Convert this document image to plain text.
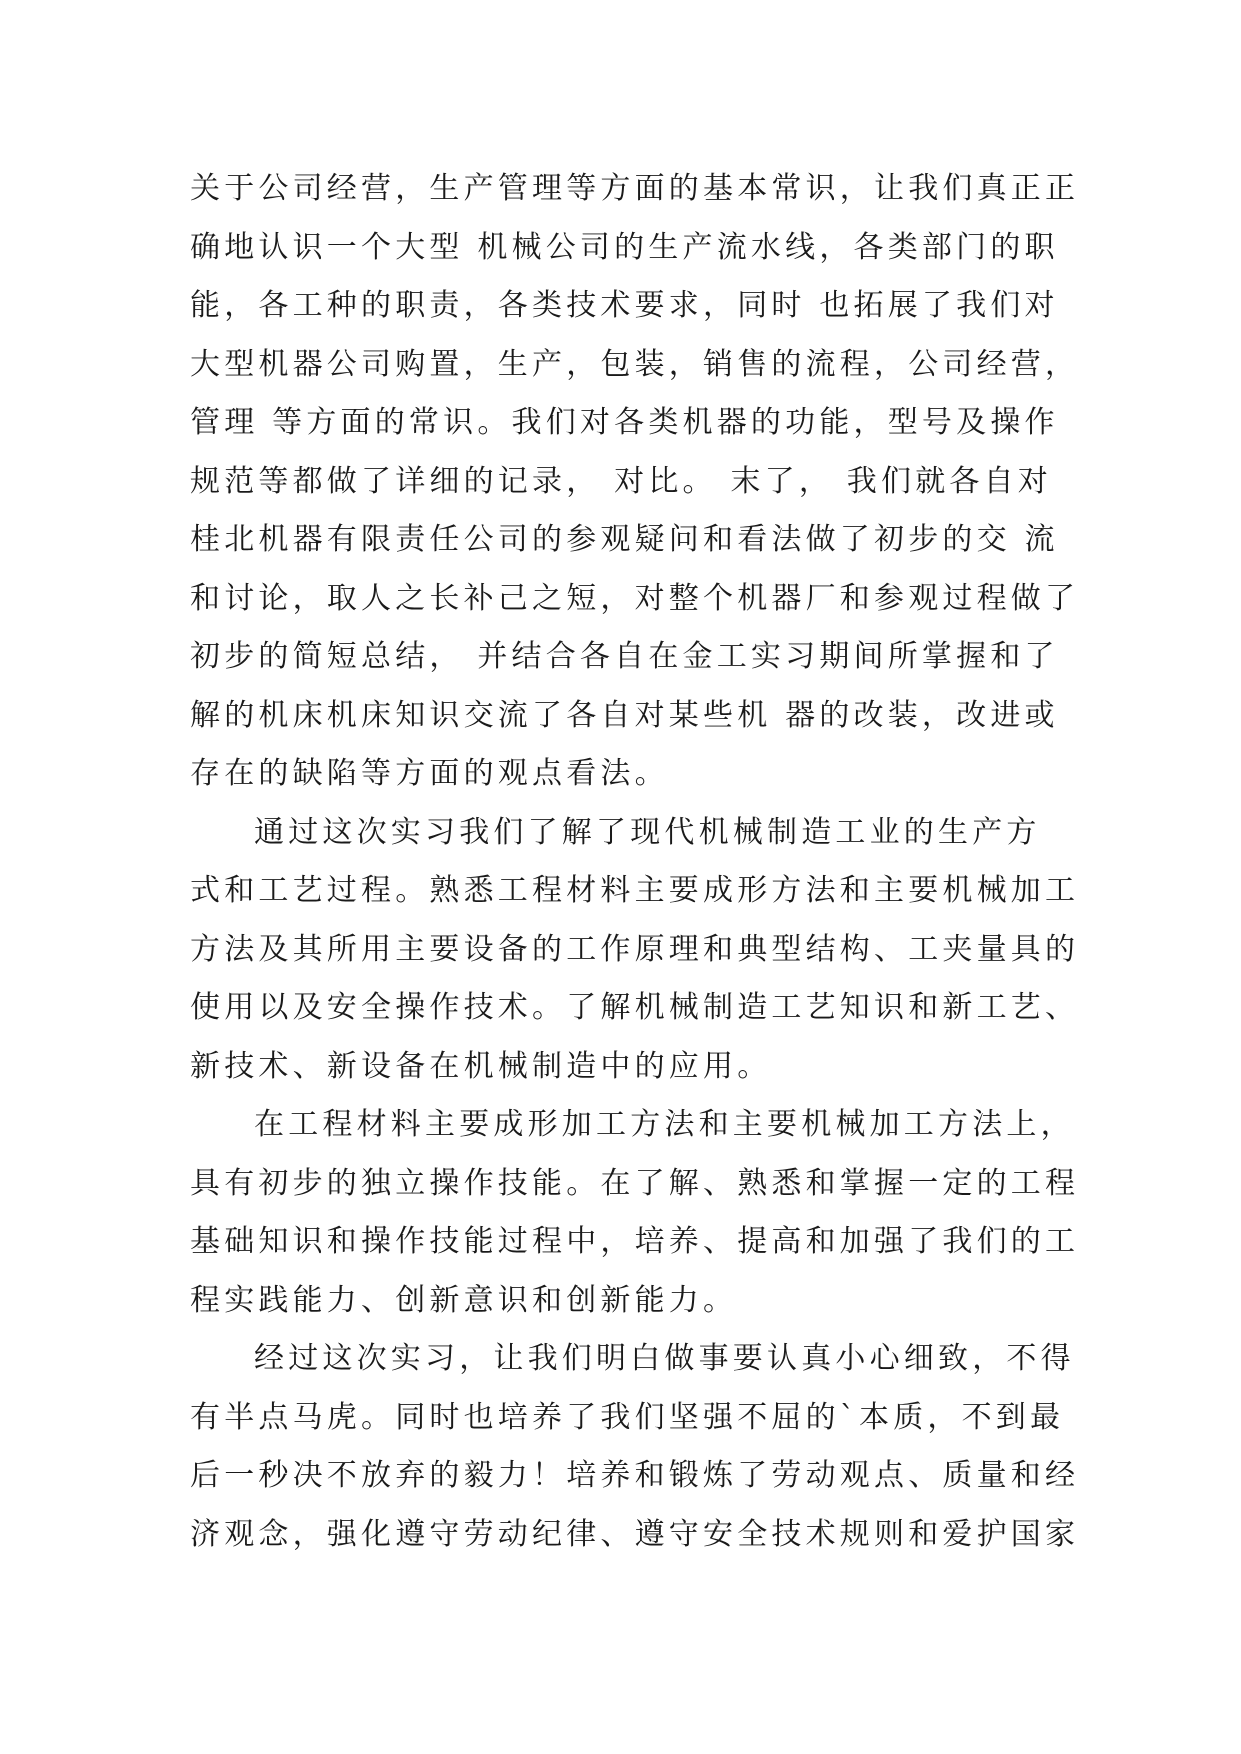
关于公司经营，生产管理等方面的基本常识，让我们真正正
确地认识一个大型 机械公司的生产流水线，各类部门的职
能，各工种的职责，各类技术要求，同时 也拓展了我们对
大型机器公司购置，生产，包装，销售的流程，公司经营，
管理 等方面的常识。我们对各类机器的功能，型号及操作
规范等都做了详细的记录， 对比。 末了， 我们就各自对
桂北机器有限责任公司的参观疑问和看法做了初步的交 流
和讨论，取人之长补己之短，对整个机器厂和参观过程做了
初步的简短总结， 并结合各自在金工实习期间所掌握和了
解的机床机床知识交流了各自对某些机 器的改装，改进或
存在的缺陷等方面的观点看法。
通过这次实习我们了解了现代机械制造工业的生产方
式和工艺过程。熟悉工程材料主要成形方法和主要机械加工
方法及其所用主要设备的工作原理和典型结构、工夹量具的
使用以及安全操作技术。了解机械制造工艺知识和新工艺、
新技术、新设备在机械制造中的应用。
在工程材料主要成形加工方法和主要机械加工方法上，
具有初步的独立操作技能。在了解、熟悉和掌握一定的工程
基础知识和操作技能过程中，培养、提高和加强了我们的工
程实践能力、创新意识和创新能力。
经过这次实习，让我们明白做事要认真小心细致，不得
有半点马虎。同时也培养了我们坚强不屈的`本质，不到最
后一秒决不放弃的毅力！培养和锻炼了劳动观点、质量和经
济观念，强化遵守劳动纪律、遵守安全技术规则和爱护国家
